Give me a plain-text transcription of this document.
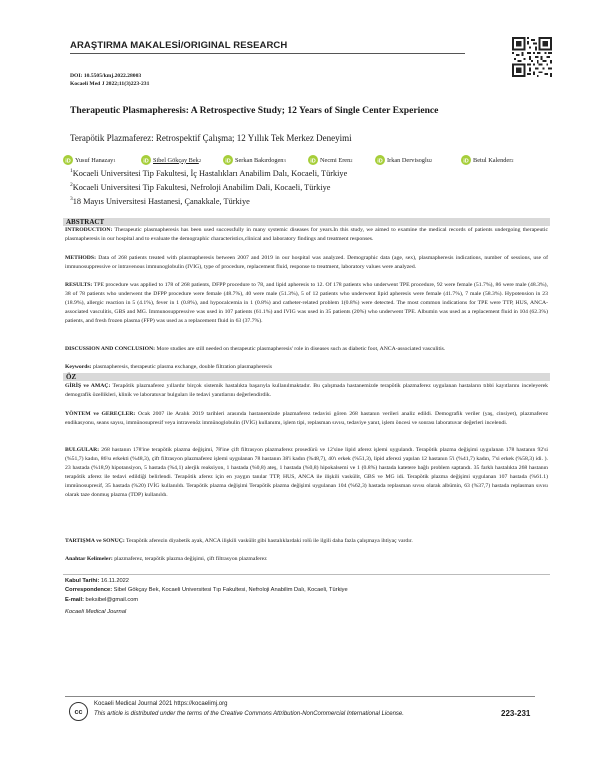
ARAŞTIRMA MAKALESİ/ORIGINAL RESEARCH
DOI: 10.5505/kmj.2022.28003
Kocaeli Med J 2022;11(3)223-231
Therapeutic Plasmapheresis: A Retrospective Study; 12 Years of Single Center Experience
Terapötik Plazmaferez: Retrospektif Çalışma; 12 Yıllık Tek Merkez Deneyimi
iD Yusuf Hanazay 1	iD Sibel Gökçay Bek 2	iD Serkan Bakırdogen 3	iD Necmi Eren 2	iD Irkan Dervisoglu 2	iD Betul Kalender 2
$^1$Kocaeli Universitesi Tip Fakultesi, İç Hastalıkları Anabilim Dalı, Kocaeli, Türkiye
$^2$Kocaeli Universitesi Tip Fakultesi, Nefroloji Anabilim Dali, Kocaeli, Türkiye
$^3$18 Mayıs Universitesi Hastanesi, Çanakkale, Türkiye
ABSTRACT
INTRODUCTION: Therapeutic plasmapheresis has been used successfully in many systemic diseases for years.In this study, we aimed to examine the medical records of patients undergoing therapeutic plasmapheresis in our hospital and to evaluate the demographic characteristics,clinical and laboratory findings and treatment responses.
METHODS: Data of 268 patients treated with plasmapheresis between 2007 and 2019 in our hospital was analyzed. Demographic data (age, sex), plasmapheresis indications, number of sessions, use of immunosuppressive or intravenous immunoglobulin (IVIG), type of procedure, replacement fluid, response to treatment, laboratory values were analyzed.
RESULTS: TPE procedure was applied to 178 of 268 patients, DFPP procedure to 78, and lipid apheresis to 12. Of 178 patients who underwent TPE procedure, 92 were female (51.7%), 86 were male (48.3%), 38 of 78 patients who underwent the DFPP procedure were female (48.7%), 40 were male (51.3%), 5 of 12 patients who underwent lipid apheresis were female (41.7%), 7 male (58.3%). Hypotension in 23 (18.9%), allergic reaction in 5 (4.1%), fever in 1 (0.8%), and hypocalcemia in 1 (0.8%) and catheter-related problem 1(0.8%) were detected. The most common indications for TPE were TTP, HUS, ANCA-associated vasculitis, GBS and MG. Immunosuppressive was used in 107 patients (61.1%) and IVIG was used in 35 patients (20%) who underwent TPE. Albumin was used as a replacement fluid in 104 (62.3%) patients, and fresh frozen plasma (FFP) was used as a replacement fluid in 63 (37.7%).
DISCUSSION AND CONCLUSION: More studies are still needed on therapeutic plasmapheresis' role in diseases such as diabetic foot, ANCA-associated vasculitis.
Keywords: plasmapheresis, therapeutic plasma exchange, double filtration plasmapheresis
ÖZ
GİRİŞ ve AMAÇ: Terapötik plazmaferez yıllardır birçok sistemik hastalıkta başarıyla kullanılmaktadır. Bu çalışmada hastanemizde terapötik plazmaferez uygulanan hastaların tıbbi kayıtlarını inceleyerek demografik özellikleri, klinik ve laboratuvar bulguları ile tedavi yanıtlarını değerlendirdik.
YÖNTEM ve GEREÇLER: Ocak 2007 ile Aralık 2019 tarihleri arasında hastanemizde plazmaferez tedavisi gören 268 hastanın verileri analiz edildi. Demografik veriler (yaş, cinsiyet), plazmaferez endikasyonu, seans sayısı, immünosupresif veya intravenöz immünoglobulin (IVİG) kullanımı, işlem tipi, replasman sıvısı, tedaviye yanıt, işlem öncesi ve sonrası laboratuvar değerleri incelendi.
BULGULAR: 268 hastanın 178'ine terapötik plazma değişimi, 78'ine çift filtrasyon plazmaferez prosedürü ve 12'sine lipid aferez işlemi uygulandı. Terapötik plazma değişimi uygulanan 178 hastanın 92'si (%51,7) kadın, 86'sı erkekti (%48,3), çift filtrasyon plazmaferez işlemi uygulanan 78 hastanın 38'i kadın (%48,7), 40'ı erkek (%51,3), lipid aferezi yapılan 12 hastanın 5'i (%41,7) kadın, 7'si erkek (%58,3) idi. ). 23 hastada (%18,9) hipotansiyon, 5 hastada (%4,1) alerjik reaksiyon, 1 hastada (%0,8) ateş, 1 hastada (%0,8) hipokalsemi ve 1 (0.8%) hastada katetere bağlı problem saptandı. 35 farklı hastalıkta 268 hastanın terapötik aferez ile tedavi edildiği belirlendi. Terapötik aferez için en yaygın tanılar TTP, HUS, ANCA ile ilişkili vaskülit, GBS ve MG idi. Terapötik plazma değişimi uygulanan 107 hastada (%61.1) immünosupresif, 35 hastada (%20) IVİG kullanıldı. Terapötik plazma değişimi Terapötik plazma değişimi uygulanan 104 (%62,3) hastada replasman sıvısı olarak albümin, 63 (%37,7) hastada replasman sıvısı olarak taze donmuş plazma (TDP) kullanıldı.
TARTIŞMA ve SONUÇ: Terapötik aferezin diyabetik ayak, ANCA ilişkili vaskülit gibi hastalıklardaki rolü ile ilgili daha fazla çalışmaya ihtiyaç vardır.
Anahtar Kelimeler: plazmaferez, terapötik plazma değişimi, çift filtrasyon plazmaferez
Kabul Tarihi: 16.11.2022
Correspondence: Sibel Gökçay Bek, Kocaeli Universitesi Tıp Fakultesi, Nefroloji Anabilim Dalı, Kocaeli, Türkiye
E-mail: beksibel@gmail.com
Kocaeli Medical Journal
cc
Kocaeli Medical Journal 2021 https://kocaelimj.org
This article is distributed under the terms of the Creative Commons Attribution-NonCommercial International License.	223-231
